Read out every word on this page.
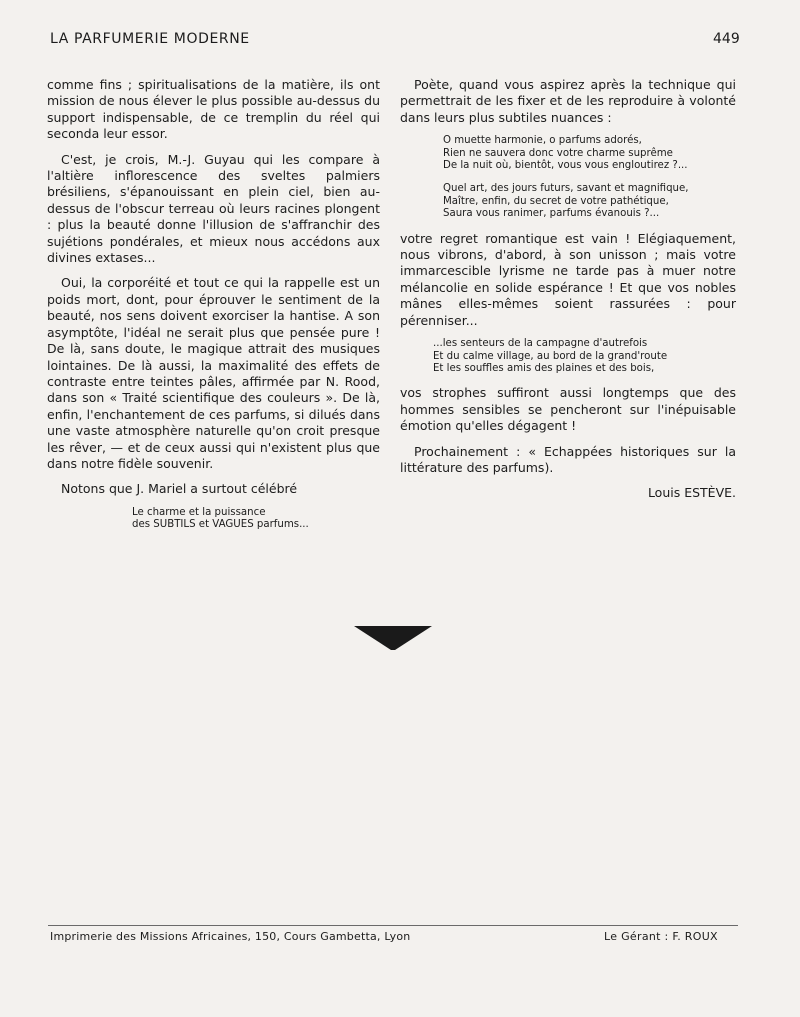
LA PARFUMERIE MODERNE	449

comme fins ; spiritualisations de la matière, ils ont mission de nous élever le plus possible au-dessus du support indispensable, de ce tremplin du réel qui seconda leur essor.

C'est, je crois, M.-J. Guyau qui les compare à l'altière inflorescence des sveltes palmiers brésiliens, s'épanouissant en plein ciel, bien au-dessus de l'obscur terreau où leurs racines plongent : plus la beauté donne l'illusion de s'affranchir des sujétions pondérales, et mieux nous accédons aux divines extases...

Oui, la corporéité et tout ce qui la rappelle est un poids mort, dont, pour éprouver le sentiment de la beauté, nos sens doivent exorciser la hantise. A son asymptôte, l'idéal ne serait plus que pensée pure ! De là, sans doute, le magique attrait des musiques lointaines. De là aussi, la maximalité des effets de contraste entre teintes pâles, affirmée par N. Rood, dans son « Traité scientifique des couleurs ». De là, enfin, l'enchantement de ces parfums, si dilués dans une vaste atmosphère naturelle qu'on croit presque les rêver, — et de ceux aussi qui n'existent plus que dans notre fidèle souvenir.

Notons que J. Mariel a surtout célébré

Le charme et la puissance
des SUBTILS et VAGUES parfums...

Poète, quand vous aspirez après la technique qui permettrait de les fixer et de les reproduire à volonté dans leurs plus subtiles nuances :

O muette harmonie, o parfums adorés,
Rien ne sauvera donc votre charme suprême
De la nuit où, bientôt, vous vous engloutirez ?...
Quel art, des jours futurs, savant et magnifique,
Maître, enfin, du secret de votre pathétique,
Saura vous ranimer, parfums évanouis ?...

votre regret romantique est vain ! Elégiaquement, nous vibrons, d'abord, à son unisson ; mais votre immarcescible lyrisme ne tarde pas à muer notre mélancolie en solide espérance ! Et que vos nobles mânes elles-mêmes soient rassurées : pour pérenniser...

...les senteurs de la campagne d'autrefois
Et du calme village, au bord de la grand'route
Et les souffles amis des plaines et des bois,

vos strophes suffiront aussi longtemps que des hommes sensibles se pencheront sur l'inépuisable émotion qu'elles dégagent !

Prochainement : « Echappées historiques sur la littérature des parfums).

Louis ESTÈVE.
Imprimerie des Missions Africaines, 150, Cours Gambetta, Lyon	Le Gérant : F. ROUX
